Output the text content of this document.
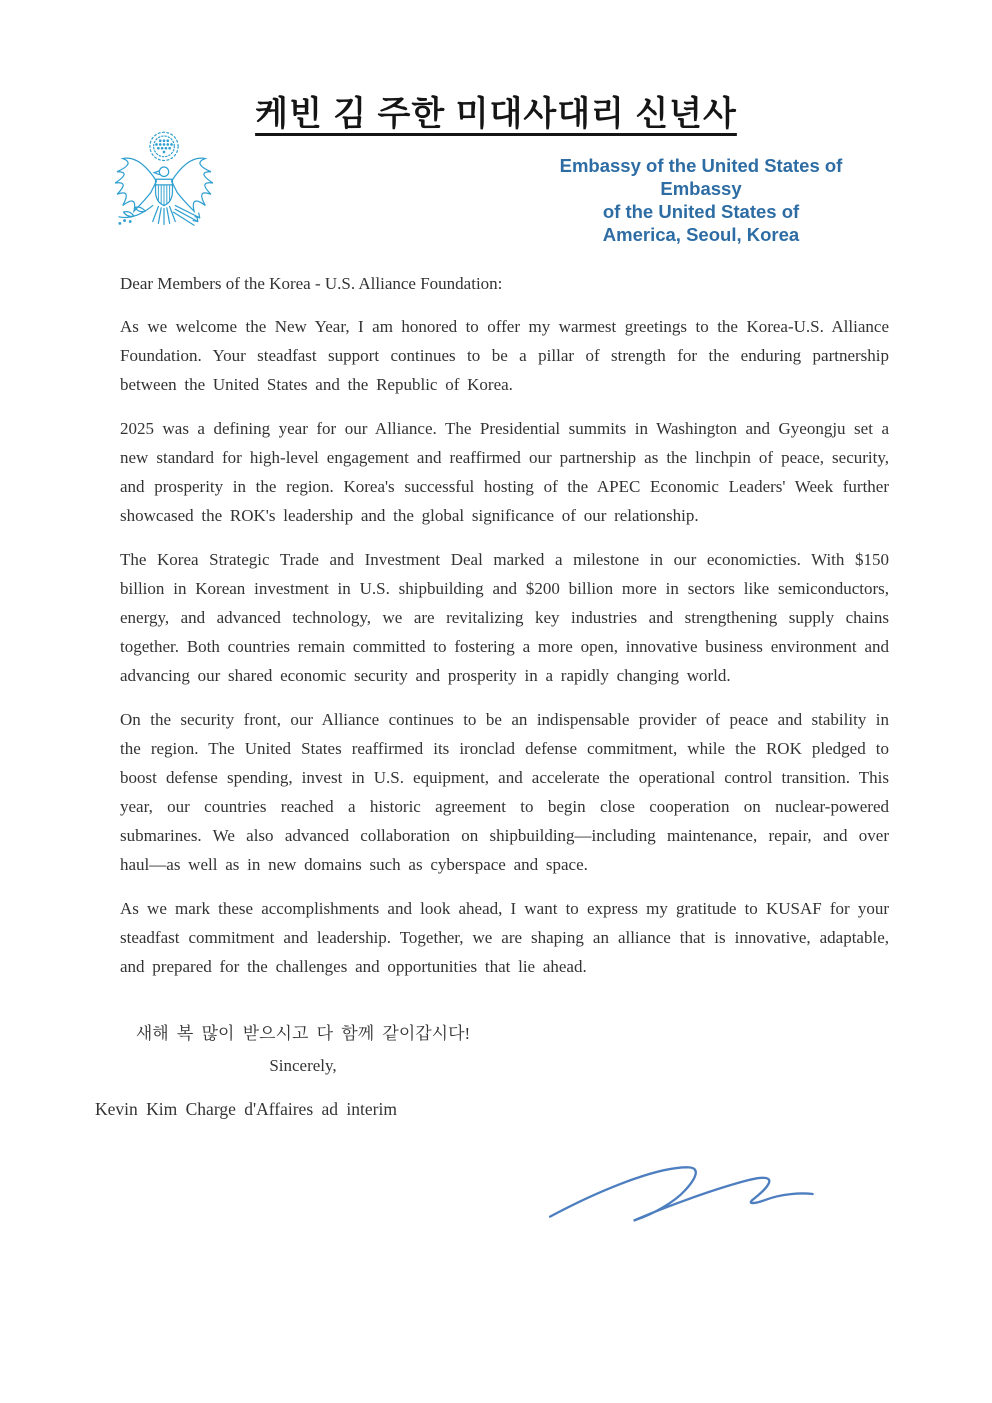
케빈 김 주한 미대사대리 신년사
Embassy of the United States of Embassy
of the United States of
America, Seoul, Korea

Dear Members of the Korea - U.S. Alliance Foundation:

As we welcome the New Year, I am honored to offer my warmest greetings to the Korea-U.S. Alliance Foundation. Your steadfast support continues to be a pillar of strength for the enduring partnership between the United States and the Republic of Korea.

2025 was a defining year for our Alliance. The Presidential summits in Washington and Gyeongju set a new standard for high-level engagement and reaffirmed our partnership as the linchpin of peace, security, and prosperity in the region. Korea's successful hosting of the APEC Economic Leaders' Week further showcased the ROK's leadership and the global significance of our relationship.

The Korea Strategic Trade and Investment Deal marked a milestone in our economicties. With $150 billion in Korean investment in U.S. shipbuilding and $200 billion more in sectors like semiconductors, energy, and advanced technology, we are revitalizing key industries and strengthening supply chains together. Both countries remain committed to fostering a more open, innovative business environment and advancing our shared economic security and prosperity in a rapidly changing world.

On the security front, our Alliance continues to be an indispensable provider of peace and stability in the region. The United States reaffirmed its ironclad defense commitment, while the ROK pledged to boost defense spending, invest in U.S. equipment, and accelerate the operational control transition. This year, our countries reached a historic agreement to begin close cooperation on nuclear-powered submarines. We also advanced collaboration on shipbuilding—including maintenance, repair, and over haul—as well as in new domains such as cyberspace and space.

As we mark these accomplishments and look ahead, I want to express my gratitude to KUSAF for your steadfast commitment and leadership. Together, we are shaping an alliance that is innovative, adaptable, and prepared for the challenges and opportunities that lie ahead.

새해 복 많이 받으시고 다 함께 같이갑시다!
Sincerely,

Kevin Kim Charge d'Affaires ad interim
